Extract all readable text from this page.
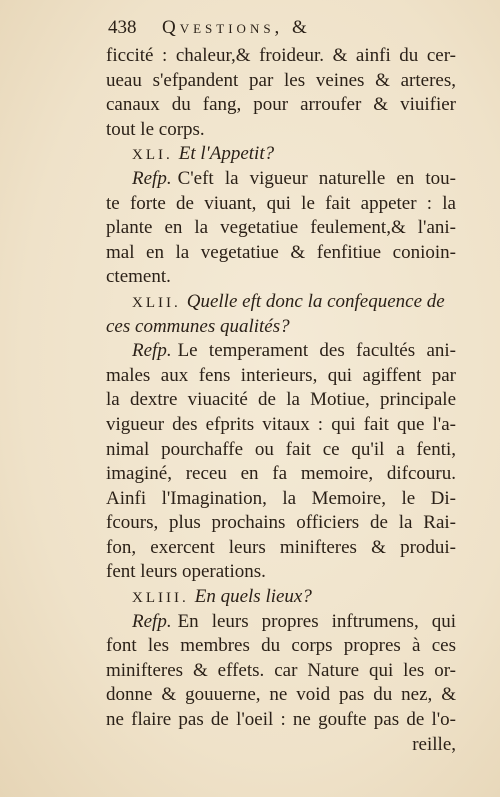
438 Qvestions, &
ficcité : chaleur,& froideur. & ainfi du cer-
ueau s'efpandent par les veines & arteres,
canaux du fang, pour arroufer & viuifier
tout le corps.
XLI. Et l'Appetit?
Refp. C'eft la vigueur naturelle en tou-
te forte de viuant, qui le fait appeter : la
plante en la vegetatiue feulement,& l'ani-
mal en la vegetatiue & fenfitiue conioin-
ctement.
XLII. Quelle eft donc la confequence de
ces communes qualités?
Refp. Le temperament des facultés ani-
males aux fens interieurs, qui agiffent par
la dextre viuacité de la Motiue, principale
vigueur des efprits vitaux : qui fait que l'a-
nimal pourchaffe ou fait ce qu'il a fenti,
imaginé, receu en fa memoire, difcouru.
Ainfi l'Imagination, la Memoire, le Di-
fcours, plus prochains officiers de la Rai-
fon, exercent leurs minifteres & produi-
fent leurs operations.
XLIII. En quels lieux?
Refp. En leurs propres inftrumens, qui
font les membres du corps propres à ces
minifteres & effets. car Nature qui les or-
donne & gouuerne, ne void pas du nez, &
ne flaire pas de l'oeil : ne goufte pas de l'o-
reille,
